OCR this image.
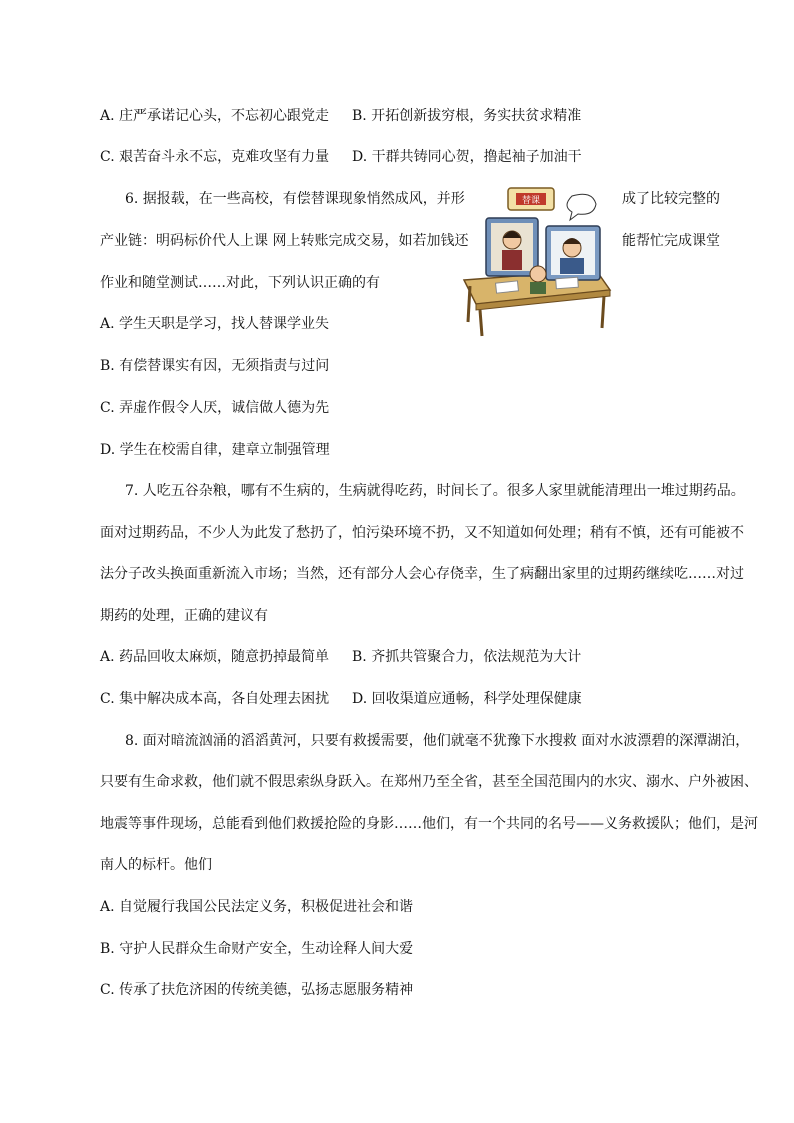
A. 庄严承诺记心头，不忘初心跟党走 B. 开拓创新拔穷根，务实扶贫求精准
C. 艰苦奋斗永不忘，克难攻坚有力量 D. 干群共铸同心贺，撸起袖子加油干
6. 据报载，在一些高校，有偿替课现象悄然成风，并形	成了比较完整的
产业链：明码标价代人上课 网上转账完成交易，如若加钱还	能帮忙完成课堂
作业和随堂测试……对此，下列认识正确的有
替课
A. 学生天职是学习，找人替课学业失
B. 有偿替课实有因，无须指责与过问
C. 弄虚作假令人厌，诚信做人德为先
D. 学生在校需自律，建章立制强管理
7. 人吃五谷杂粮，哪有不生病的，生病就得吃药，时间长了。很多人家里就能清理出一堆过期药品。
面对过期药品，不少人为此发了愁扔了，怕污染环境不扔，又不知道如何处理；稍有不慎，还有可能被不
法分子改头换面重新流入市场；当然，还有部分人会心存侥幸，生了病翻出家里的过期药继续吃……对过
期药的处理，正确的建议有
A. 药品回收太麻烦，随意扔掉最简单 B. 齐抓共管聚合力，依法规范为大计
C. 集中解决成本高，各自处理去困扰 D. 回收渠道应通畅，科学处理保健康
8. 面对暗流汹涌的滔滔黄河，只要有救援需要，他们就毫不犹豫下水搜救 面对水波漂碧的深潭湖泊，
只要有生命求救，他们就不假思索纵身跃入。在郑州乃至全省，甚至全国范围内的水灾、溺水、户外被困、
地震等事件现场，总能看到他们救援抢险的身影……他们，有一个共同的名号——义务救援队；他们，是河
南人的标杆。他们
A. 自觉履行我国公民法定义务，积极促进社会和谐
B. 守护人民群众生命财产安全，生动诠释人间大爱
C. 传承了扶危济困的传统美德，弘扬志愿服务精神
